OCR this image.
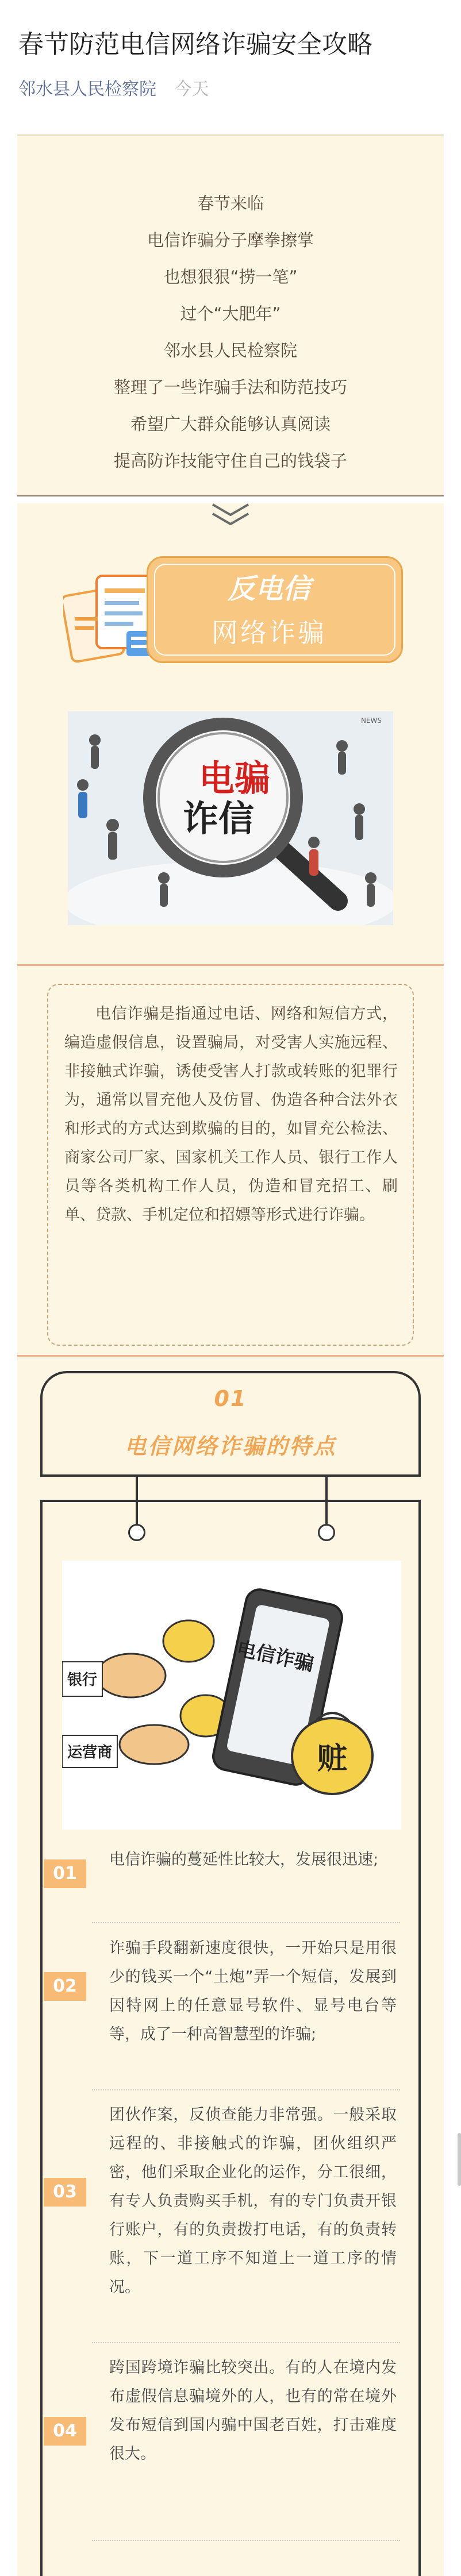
春节防范电信网络诈骗安全攻略
邻水县人民检察院 今天
春节来临
电信诈骗分子摩拳擦掌
也想狠狠“捞一笔”
过个“大肥年”
邻水县人民检察院
整理了一些诈骗手法和防范技巧
希望广大群众能够认真阅读
提高防诈技能守住自己的钱袋子
反电信
网络诈骗
NEWS
电骗
诈信
电信诈骗是指通过电话、网络和短信方式，编造虚假信息，设置骗局，对受害人实施远程、非接触式诈骗，诱使受害人打款或转账的犯罪行为，通常以冒充他人及仿冒、伪造各种合法外衣和形式的方式达到欺骗的目的，如冒充公检法、商家公司厂家、国家机关工作人员、银行工作人员等各类机构工作人员，伪造和冒充招工、刷单、贷款、手机定位和招嫖等形式进行诈骗。
01
电信网络诈骗的特点
银行
运营商
电信诈骗
赃
01
电信诈骗的蔓延性比较大，发展很迅速;
02
诈骗手段翻新速度很快，一开始只是用很少的钱买一个“土炮”弄一个短信，发展到因特网上的任意显号软件、显号电台等等，成了一种高智慧型的诈骗;
03
团伙作案，反侦查能力非常强。一般采取远程的、非接触式的诈骗，团伙组织严密，他们采取企业化的运作，分工很细，有专人负责购买手机，有的专门负责开银行账户，有的负责拨打电话，有的负责转账，下一道工序不知道上一道工序的情况。
04
跨国跨境诈骗比较突出。有的人在境内发布虚假信息骗境外的人，也有的常在境外发布短信到国内骗中国老百姓，打击难度很大。
